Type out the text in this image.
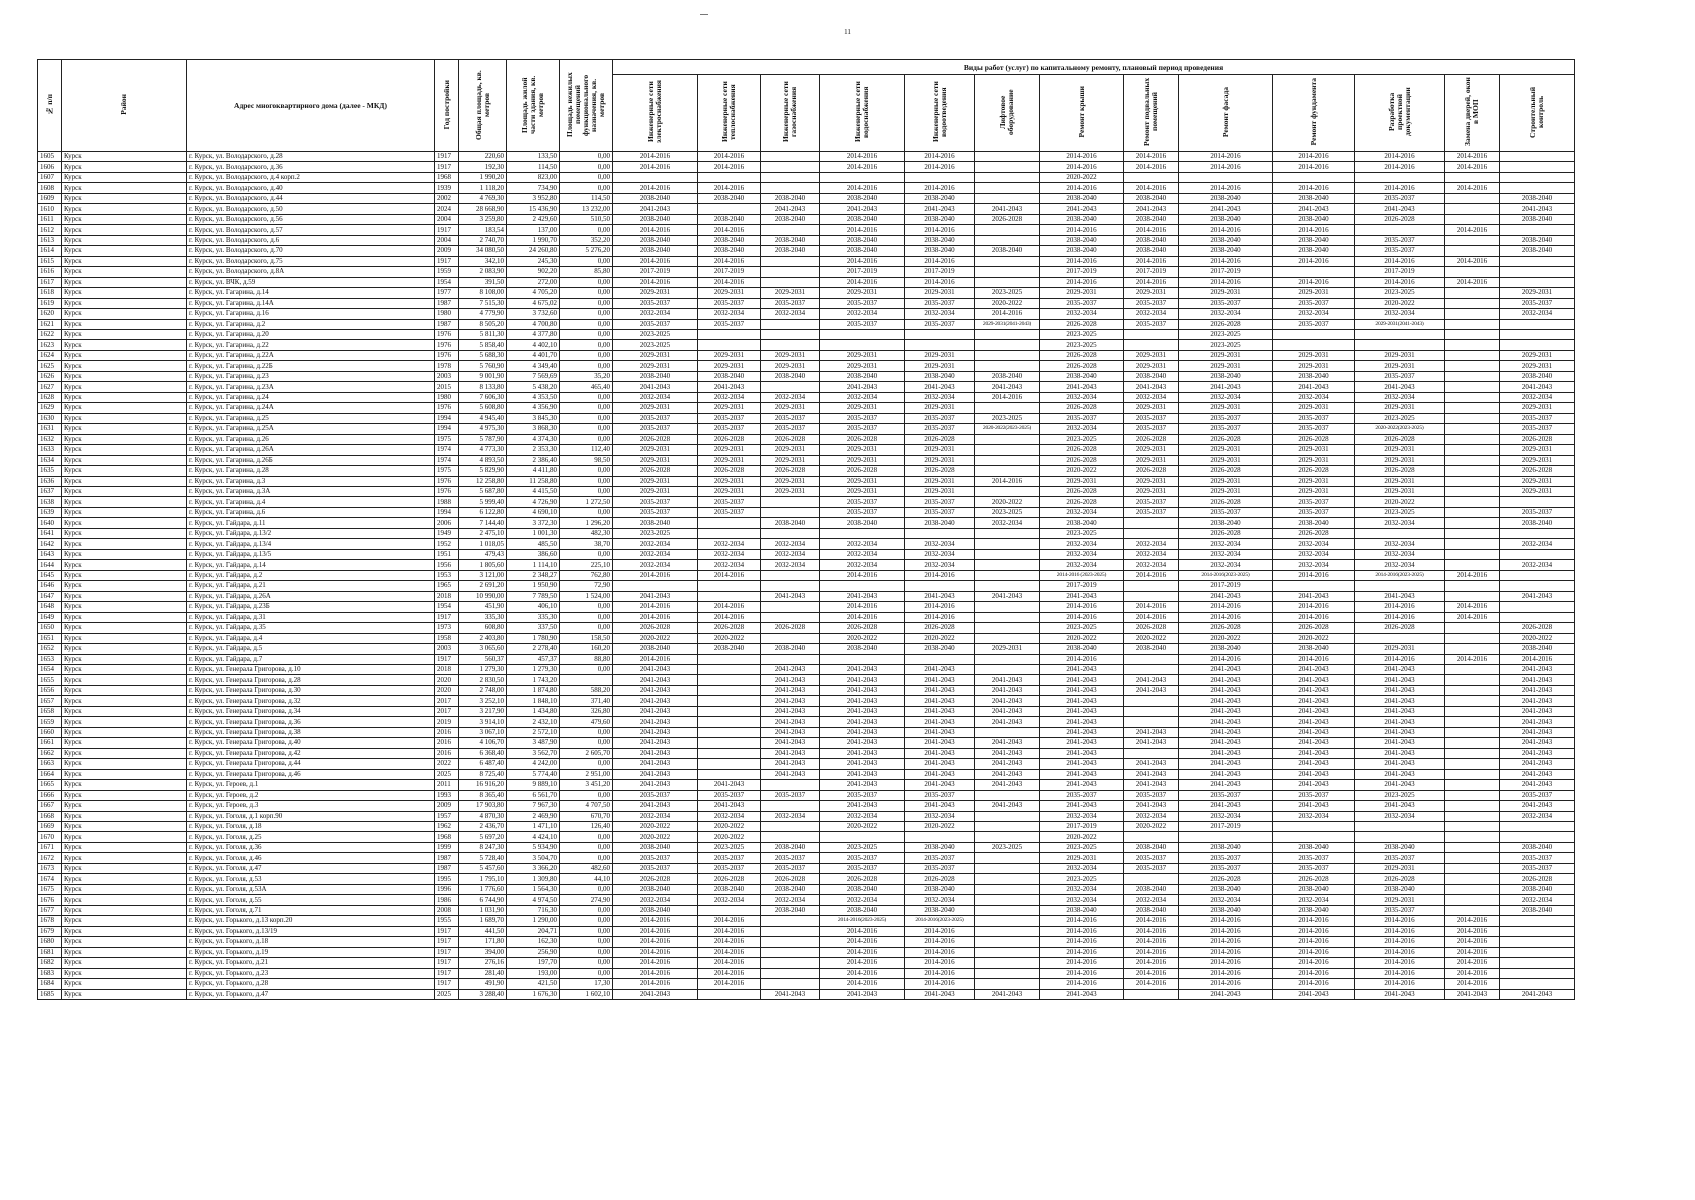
11
№ п/п	Район	Адрес многоквартирного дома (далее - МКД)	Год постройки	Общая площадь, кв. метров	Площадь жилой части здания, кв. метров	Площадь нежилых помещений функционального назначения, кв. метров	Виды работ (услуг) по капитальному ремонту, плановый период проведения												
							Инженерные сети электроснабжения	Инженерные сети теплоснабжения	Инженерные сети газоснабжения	Инженерные сети водоснабжения	Инженерные сети водоотведения	Лифтовое оборудование	Ремонт крыши	Ремонт подвальных помещений	Ремонт фасада	Ремонт фундамента	Разработка проектной документации	Замена дверей, окон в МОП	Строительный контроль
1605	Курск	г. Курск, ул. Володарского, д.28	1917	220,60	133,50	0,00	2014-2016	2014-2016		2014-2016	2014-2016		2014-2016	2014-2016	2014-2016	2014-2016	2014-2016	2014-2016	
1606	Курск	г. Курск, ул. Володарского, д.36	1917	192,30	114,50	0,00	2014-2016	2014-2016		2014-2016	2014-2016		2014-2016	2014-2016	2014-2016	2014-2016	2014-2016	2014-2016	
1607	Курск	г. Курск, ул. Володарского, д.4 корп.2	1968	1 990,20	823,00	0,00							2020-2022						
1608	Курск	г. Курск, ул. Володарского, д.40	1939	1 118,20	734,90	0,00	2014-2016	2014-2016		2014-2016	2014-2016		2014-2016	2014-2016	2014-2016	2014-2016	2014-2016	2014-2016	
1609	Курск	г. Курск, ул. Володарского, д.44	2002	4 769,30	3 952,80	114,50	2038-2040	2038-2040	2038-2040	2038-2040	2038-2040		2038-2040	2038-2040	2038-2040	2038-2040	2035-2037		2038-2040
1610	Курск	г. Курск, ул. Володарского, д.50	2024	28 668,90	15 436,90	13 232,00	2041-2043		2041-2043	2041-2043	2041-2043	2041-2043	2041-2043	2041-2043	2041-2043	2041-2043	2041-2043		2041-2043
1611	Курск	г. Курск, ул. Володарского, д.56	2004	3 259,80	2 429,60	510,50	2038-2040	2038-2040	2038-2040	2038-2040	2038-2040	2026-2028	2038-2040	2038-2040	2038-2040	2038-2040	2026-2028		2038-2040
1612	Курск	г. Курск, ул. Володарского, д.57	1917	183,54	137,00	0,00	2014-2016	2014-2016		2014-2016	2014-2016		2014-2016	2014-2016	2014-2016	2014-2016		2014-2016	
1613	Курск	г. Курск, ул. Володарского, д.6	2004	2 740,70	1 990,70	352,20	2038-2040	2038-2040	2038-2040	2038-2040	2038-2040		2038-2040	2038-2040	2038-2040	2038-2040	2035-2037		2038-2040
1614	Курск	г. Курск, ул. Володарского, д.70	2009	34 080,50	24 260,80	5 276,20	2038-2040	2038-2040	2038-2040	2038-2040	2038-2040	2038-2040	2038-2040	2038-2040	2038-2040	2038-2040	2035-2037		2038-2040
1615	Курск	г. Курск, ул. Володарского, д.75	1917	342,10	245,30	0,00	2014-2016	2014-2016		2014-2016	2014-2016		2014-2016	2014-2016	2014-2016	2014-2016	2014-2016	2014-2016	
1616	Курск	г. Курск, ул. Володарского, д.8А	1959	2 083,90	902,20	85,80	2017-2019	2017-2019		2017-2019	2017-2019		2017-2019	2017-2019	2017-2019		2017-2019		
1617	Курск	г. Курск, ул. ВЧК, д.59	1954	391,50	272,00	0,00	2014-2016	2014-2016		2014-2016	2014-2016		2014-2016	2014-2016	2014-2016	2014-2016	2014-2016	2014-2016	
1618	Курск	г. Курск, ул. Гагарина, д.14	1977	8 108,00	4 705,20	0,00	2029-2031	2029-2031	2029-2031	2029-2031	2029-2031	2023-2025	2029-2031	2029-2031	2029-2031	2029-2031	2023-2025		2029-2031
1619	Курск	г. Курск, ул. Гагарина, д.14А	1987	7 515,30	4 675,02	0,00	2035-2037	2035-2037	2035-2037	2035-2037	2035-2037	2020-2022	2035-2037	2035-2037	2035-2037	2035-2037	2020-2022		2035-2037
1620	Курск	г. Курск, ул. Гагарина, д.16	1980	4 779,90	3 732,60	0,00	2032-2034	2032-2034	2032-2034	2032-2034	2032-2034	2014-2016	2032-2034	2032-2034	2032-2034	2032-2034	2032-2034		2032-2034
1621	Курск	г. Курск, ул. Гагарина, д.2	1987	8 505,20	4 700,80	0,00	2035-2037	2035-2037		2035-2037	2035-2037	2029-2031(2041-2043)	2026-2028	2035-2037	2026-2028	2035-2037	2029-2031(2041-2043)		
1622	Курск	г. Курск, ул. Гагарина, д.20	1976	5 811,30	4 377,80	0,00	2023-2025						2023-2025		2023-2025				
1623	Курск	г. Курск, ул. Гагарина, д.22	1976	5 858,40	4 402,10	0,00	2023-2025						2023-2025		2023-2025				
1624	Курск	г. Курск, ул. Гагарина, д.22А	1976	5 688,30	4 401,70	0,00	2029-2031	2029-2031	2029-2031	2029-2031	2029-2031		2026-2028	2029-2031	2029-2031	2029-2031	2029-2031		2029-2031
1625	Курск	г. Курск, ул. Гагарина, д.22Б	1978	5 760,90	4 349,40	0,00	2029-2031	2029-2031	2029-2031	2029-2031	2029-2031		2026-2028	2029-2031	2029-2031	2029-2031	2029-2031		2029-2031
1626	Курск	г. Курск, ул. Гагарина, д.23	2003	9 001,90	7 569,69	35,20	2038-2040	2038-2040	2038-2040	2038-2040	2038-2040	2038-2040	2038-2040	2038-2040	2038-2040	2038-2040	2035-2037		2038-2040
1627	Курск	г. Курск, ул. Гагарина, д.23А	2015	8 133,80	5 438,20	465,40	2041-2043	2041-2043		2041-2043	2041-2043	2041-2043	2041-2043	2041-2043	2041-2043	2041-2043	2041-2043		2041-2043
1628	Курск	г. Курск, ул. Гагарина, д.24	1980	7 606,30	4 353,50	0,00	2032-2034	2032-2034	2032-2034	2032-2034	2032-2034	2014-2016	2032-2034	2032-2034	2032-2034	2032-2034	2032-2034		2032-2034
1629	Курск	г. Курск, ул. Гагарина, д.24А	1976	5 608,80	4 356,90	0,00	2029-2031	2029-2031	2029-2031	2029-2031	2029-2031		2026-2028	2029-2031	2029-2031	2029-2031	2029-2031		2029-2031
1630	Курск	г. Курск, ул. Гагарина, д.25	1994	4 945,40	3 845,30	0,00	2035-2037	2035-2037	2035-2037	2035-2037	2035-2037	2023-2025	2035-2037	2035-2037	2035-2037	2035-2037	2023-2025		2035-2037
1631	Курск	г. Курск, ул. Гагарина, д.25А	1994	4 975,30	3 868,30	0,00	2035-2037	2035-2037	2035-2037	2035-2037	2035-2037	2020-2022(2023-2025)	2032-2034	2035-2037	2035-2037	2035-2037	2020-2022(2023-2025)		2035-2037
1632	Курск	г. Курск, ул. Гагарина, д.26	1975	5 787,90	4 374,30	0,00	2026-2028	2026-2028	2026-2028	2026-2028	2026-2028		2023-2025	2026-2028	2026-2028	2026-2028	2026-2028		2026-2028
1633	Курск	г. Курск, ул. Гагарина, д.26А	1974	4 773,30	2 353,30	112,40	2029-2031	2029-2031	2029-2031	2029-2031	2029-2031		2026-2028	2029-2031	2029-2031	2029-2031	2029-2031		2029-2031
1634	Курск	г. Курск, ул. Гагарина, д.26Б	1974	4 893,50	2 386,40	98,50	2029-2031	2029-2031	2029-2031	2029-2031	2029-2031		2026-2028	2029-2031	2029-2031	2029-2031	2029-2031		2029-2031
1635	Курск	г. Курск, ул. Гагарина, д.28	1975	5 829,90	4 411,80	0,00	2026-2028	2026-2028	2026-2028	2026-2028	2026-2028		2020-2022	2026-2028	2026-2028	2026-2028	2026-2028		2026-2028
1636	Курск	г. Курск, ул. Гагарина, д.3	1976	12 258,80	11 258,80	0,00	2029-2031	2029-2031	2029-2031	2029-2031	2029-2031	2014-2016	2029-2031	2029-2031	2029-2031	2029-2031	2029-2031		2029-2031
1637	Курск	г. Курск, ул. Гагарина, д.3А	1976	5 687,80	4 415,50	0,00	2029-2031	2029-2031	2029-2031	2029-2031	2029-2031		2026-2028	2029-2031	2029-2031	2029-2031	2029-2031		2029-2031
1638	Курск	г. Курск, ул. Гагарина, д.4	1988	5 999,40	4 726,90	1 272,50	2035-2037	2035-2037		2035-2037	2035-2037	2020-2022	2026-2028	2035-2037	2026-2028	2035-2037	2020-2022		
1639	Курск	г. Курск, ул. Гагарина, д.6	1994	6 122,80	4 690,10	0,00	2035-2037	2035-2037		2035-2037	2035-2037	2023-2025	2032-2034	2035-2037	2035-2037	2035-2037	2023-2025		2035-2037
1640	Курск	г. Курск, ул. Гайдара, д.11	2006	7 144,40	3 372,30	1 296,20	2038-2040		2038-2040	2038-2040	2038-2040	2032-2034	2038-2040		2038-2040	2038-2040	2032-2034		2038-2040
1641	Курск	г. Курск, ул. Гайдара, д.13/2	1949	2 475,10	1 001,30	482,30	2023-2025						2023-2025		2026-2028	2026-2028			
1642	Курск	г. Курск, ул. Гайдара, д.13/4	1952	1 018,05	485,50	38,70	2032-2034	2032-2034	2032-2034	2032-2034	2032-2034		2032-2034	2032-2034	2032-2034	2032-2034	2032-2034		2032-2034
1643	Курск	г. Курск, ул. Гайдара, д.13/5	1951	479,43	386,60	0,00	2032-2034	2032-2034	2032-2034	2032-2034	2032-2034		2032-2034	2032-2034	2032-2034	2032-2034	2032-2034		
1644	Курск	г. Курск, ул. Гайдара, д.14	1956	1 805,60	1 114,10	225,10	2032-2034	2032-2034	2032-2034	2032-2034	2032-2034		2032-2034	2032-2034	2032-2034	2032-2034	2032-2034		2032-2034
1645	Курск	г. Курск, ул. Гайдара, д.2	1953	3 121,00	2 348,27	762,80	2014-2016	2014-2016		2014-2016	2014-2016		2014-2016 (2023-2025)	2014-2016	2014-2016(2023-2025)	2014-2016	2014-2016(2023-2025)	2014-2016	
1646	Курск	г. Курск, ул. Гайдара, д.21	1965	2 691,20	1 950,90	72,90							2017-2019		2017-2019				
1647	Курск	г. Курск, ул. Гайдара, д.26А	2018	10 990,00	7 789,50	1 524,00	2041-2043		2041-2043	2041-2043	2041-2043	2041-2043	2041-2043		2041-2043	2041-2043	2041-2043		2041-2043
1648	Курск	г. Курск, ул. Гайдара, д.23Б	1954	451,90	406,10	0,00	2014-2016	2014-2016		2014-2016	2014-2016		2014-2016	2014-2016	2014-2016	2014-2016	2014-2016	2014-2016	
1649	Курск	г. Курск, ул. Гайдара, д.31	1917	335,30	335,30	0,00	2014-2016	2014-2016		2014-2016	2014-2016		2014-2016	2014-2016	2014-2016	2014-2016	2014-2016	2014-2016	
1650	Курск	г. Курск, ул. Гайдара, д.35	1973	608,80	337,50	0,00	2026-2028	2026-2028	2026-2028	2026-2028	2026-2028		2023-2025	2026-2028	2026-2028	2026-2028	2026-2028		2026-2028
1651	Курск	г. Курск, ул. Гайдара, д.4	1958	2 403,80	1 780,90	158,50	2020-2022	2020-2022		2020-2022	2020-2022		2020-2022	2020-2022	2020-2022	2020-2022			2020-2022
1652	Курск	г. Курск, ул. Гайдара, д.5	2003	3 065,60	2 278,40	160,20	2038-2040	2038-2040	2038-2040	2038-2040	2038-2040	2029-2031	2038-2040	2038-2040	2038-2040	2038-2040	2029-2031		2038-2040
1653	Курск	г. Курск, ул. Гайдара, д.7	1917	560,37	457,37	88,80	2014-2016						2014-2016		2014-2016	2014-2016	2014-2016	2014-2016	2014-2016
1654	Курск	г. Курск, ул. Генерала Григорова, д.10	2018	1 279,30	1 279,30	0,00	2041-2043		2041-2043	2041-2043	2041-2043		2041-2043		2041-2043	2041-2043	2041-2043		2041-2043
1655	Курск	г. Курск, ул. Генерала Григорова, д.28	2020	2 830,50	1 743,20		2041-2043		2041-2043	2041-2043	2041-2043	2041-2043	2041-2043	2041-2043	2041-2043	2041-2043	2041-2043		2041-2043
1656	Курск	г. Курск, ул. Генерала Григорова, д.30	2020	2 748,00	1 874,80	588,20	2041-2043		2041-2043	2041-2043	2041-2043	2041-2043	2041-2043	2041-2043	2041-2043	2041-2043	2041-2043		2041-2043
1657	Курск	г. Курск, ул. Генерала Григорова, д.32	2017	3 252,10	1 848,10	371,40	2041-2043		2041-2043	2041-2043	2041-2043	2041-2043	2041-2043		2041-2043	2041-2043	2041-2043		2041-2043
1658	Курск	г. Курск, ул. Генерала Григорова, д.34	2017	3 217,90	1 434,80	326,80	2041-2043		2041-2043	2041-2043	2041-2043	2041-2043	2041-2043		2041-2043	2041-2043	2041-2043		2041-2043
1659	Курск	г. Курск, ул. Генерала Григорова, д.36	2019	3 914,10	2 432,10	479,60	2041-2043		2041-2043	2041-2043	2041-2043	2041-2043	2041-2043		2041-2043	2041-2043	2041-2043		2041-2043
1660	Курск	г. Курск, ул. Генерала Григорова, д.38	2016	3 067,10	2 572,10	0,00	2041-2043		2041-2043	2041-2043	2041-2043		2041-2043	2041-2043	2041-2043	2041-2043	2041-2043		2041-2043
1661	Курск	г. Курск, ул. Генерала Григорова, д.40	2016	4 106,70	3 487,90	0,00	2041-2043		2041-2043	2041-2043	2041-2043	2041-2043	2041-2043	2041-2043	2041-2043	2041-2043	2041-2043		2041-2043
1662	Курск	г. Курск, ул. Генерала Григорова, д.42	2016	6 368,40	3 562,70	2 605,70	2041-2043		2041-2043	2041-2043	2041-2043	2041-2043	2041-2043		2041-2043	2041-2043	2041-2043		2041-2043
1663	Курск	г. Курск, ул. Генерала Григорова, д.44	2022	6 487,40	4 242,00	0,00	2041-2043		2041-2043	2041-2043	2041-2043	2041-2043	2041-2043	2041-2043	2041-2043	2041-2043	2041-2043		2041-2043
1664	Курск	г. Курск, ул. Генерала Григорова, д.46	2025	8 725,40	5 774,40	2 951,00	2041-2043		2041-2043	2041-2043	2041-2043	2041-2043	2041-2043	2041-2043	2041-2043	2041-2043	2041-2043		2041-2043
1665	Курск	г. Курск, ул. Героев, д.1	2011	16 916,20	9 889,10	3 451,20	2041-2043	2041-2043		2041-2043	2041-2043	2041-2043	2041-2043	2041-2043	2041-2043	2041-2043	2041-2043		2041-2043
1666	Курск	г. Курск, ул. Героев, д.2	1993	8 365,40	6 561,70	0,00	2035-2037	2035-2037	2035-2037	2035-2037	2035-2037		2035-2037	2035-2037	2035-2037	2035-2037	2023-2025		2035-2037
1667	Курск	г. Курск, ул. Героев, д.3	2009	17 903,80	7 967,30	4 707,50	2041-2043	2041-2043		2041-2043	2041-2043	2041-2043	2041-2043	2041-2043	2041-2043	2041-2043	2041-2043		2041-2043
1668	Курск	г. Курск, ул. Гоголя, д.1 корп.90	1957	4 870,30	2 469,90	670,70	2032-2034	2032-2034	2032-2034	2032-2034	2032-2034		2032-2034	2032-2034	2032-2034	2032-2034	2032-2034		2032-2034
1669	Курск	г. Курск, ул. Гоголя, д.18	1962	2 436,70	1 471,10	126,40	2020-2022	2020-2022		2020-2022	2020-2022		2017-2019	2020-2022	2017-2019				
1670	Курск	г. Курск, ул. Гоголя, д.25	1968	5 697,20	4 424,10	0,00	2020-2022	2020-2022					2020-2022						
1671	Курск	г. Курск, ул. Гоголя, д.36	1999	8 247,30	5 934,90	0,00	2038-2040	2023-2025	2038-2040	2023-2025	2038-2040	2023-2025	2023-2025	2038-2040	2038-2040	2038-2040	2038-2040		2038-2040
1672	Курск	г. Курск, ул. Гоголя, д.46	1987	5 728,40	3 504,70	0,00	2035-2037	2035-2037	2035-2037	2035-2037	2035-2037		2029-2031	2035-2037	2035-2037	2035-2037	2035-2037		2035-2037
1673	Курск	г. Курск, ул. Гоголя, д.47	1987	5 457,60	3 366,20	482,60	2035-2037	2035-2037	2035-2037	2035-2037	2035-2037		2032-2034	2035-2037	2035-2037	2035-2037	2029-2031		2035-2037
1674	Курск	г. Курск, ул. Гоголя, д.53	1995	1 795,10	1 309,80	44,10	2026-2028	2026-2028	2026-2028	2026-2028	2026-2028		2023-2025		2026-2028	2026-2028	2026-2028		2026-2028
1675	Курск	г. Курск, ул. Гоголя, д.53А	1996	1 776,60	1 564,30	0,00	2038-2040	2038-2040	2038-2040	2038-2040	2038-2040		2032-2034	2038-2040	2038-2040	2038-2040	2038-2040		2038-2040
1676	Курск	г. Курск, ул. Гоголя, д.55	1986	6 744,90	4 974,50	274,90	2032-2034	2032-2034	2032-2034	2032-2034	2032-2034		2032-2034	2032-2034	2032-2034	2032-2034	2029-2031		2032-2034
1677	Курск	г. Курск, ул. Гоголя, д.71	2008	1 031,90	716,30	0,00	2038-2040		2038-2040	2038-2040	2038-2040		2038-2040	2038-2040	2038-2040	2038-2040	2035-2037		2038-2040
1678	Курск	г. Курск, ул. Горького, д.13 корп.20	1955	1 689,70	1 290,00	0,00	2014-2016	2014-2016		2014-2016(2023-2025)	2014-2016(2023-2025)		2014-2016	2014-2016	2014-2016	2014-2016	2014-2016	2014-2016	
1679	Курск	г. Курск, ул. Горького, д.13/19	1917	441,50	204,71	0,00	2014-2016	2014-2016		2014-2016	2014-2016		2014-2016	2014-2016	2014-2016	2014-2016	2014-2016	2014-2016	
1680	Курск	г. Курск, ул. Горького, д.18	1917	171,80	162,30	0,00	2014-2016	2014-2016		2014-2016	2014-2016		2014-2016	2014-2016	2014-2016	2014-2016	2014-2016	2014-2016	
1681	Курск	г. Курск, ул. Горького, д.19	1917	394,00	256,90	0,00	2014-2016	2014-2016		2014-2016	2014-2016		2014-2016	2014-2016	2014-2016	2014-2016	2014-2016	2014-2016	
1682	Курск	г. Курск, ул. Горького, д.21	1917	276,16	197,70	0,00	2014-2016	2014-2016		2014-2016	2014-2016		2014-2016	2014-2016	2014-2016	2014-2016	2014-2016	2014-2016	
1683	Курск	г. Курск, ул. Горького, д.23	1917	281,40	193,00	0,00	2014-2016	2014-2016		2014-2016	2014-2016		2014-2016	2014-2016	2014-2016	2014-2016	2014-2016	2014-2016	
1684	Курск	г. Курск, ул. Горького, д.28	1917	491,90	421,50	17,30	2014-2016	2014-2016		2014-2016	2014-2016		2014-2016	2014-2016	2014-2016	2014-2016	2014-2016	2014-2016	
1685	Курск	г. Курск, ул. Горького, д.47	2025	3 288,40	1 676,30	1 602,10	2041-2043		2041-2043	2041-2043	2041-2043	2041-2043	2041-2043		2041-2043	2041-2043	2041-2043	2041-2043	2041-2043
